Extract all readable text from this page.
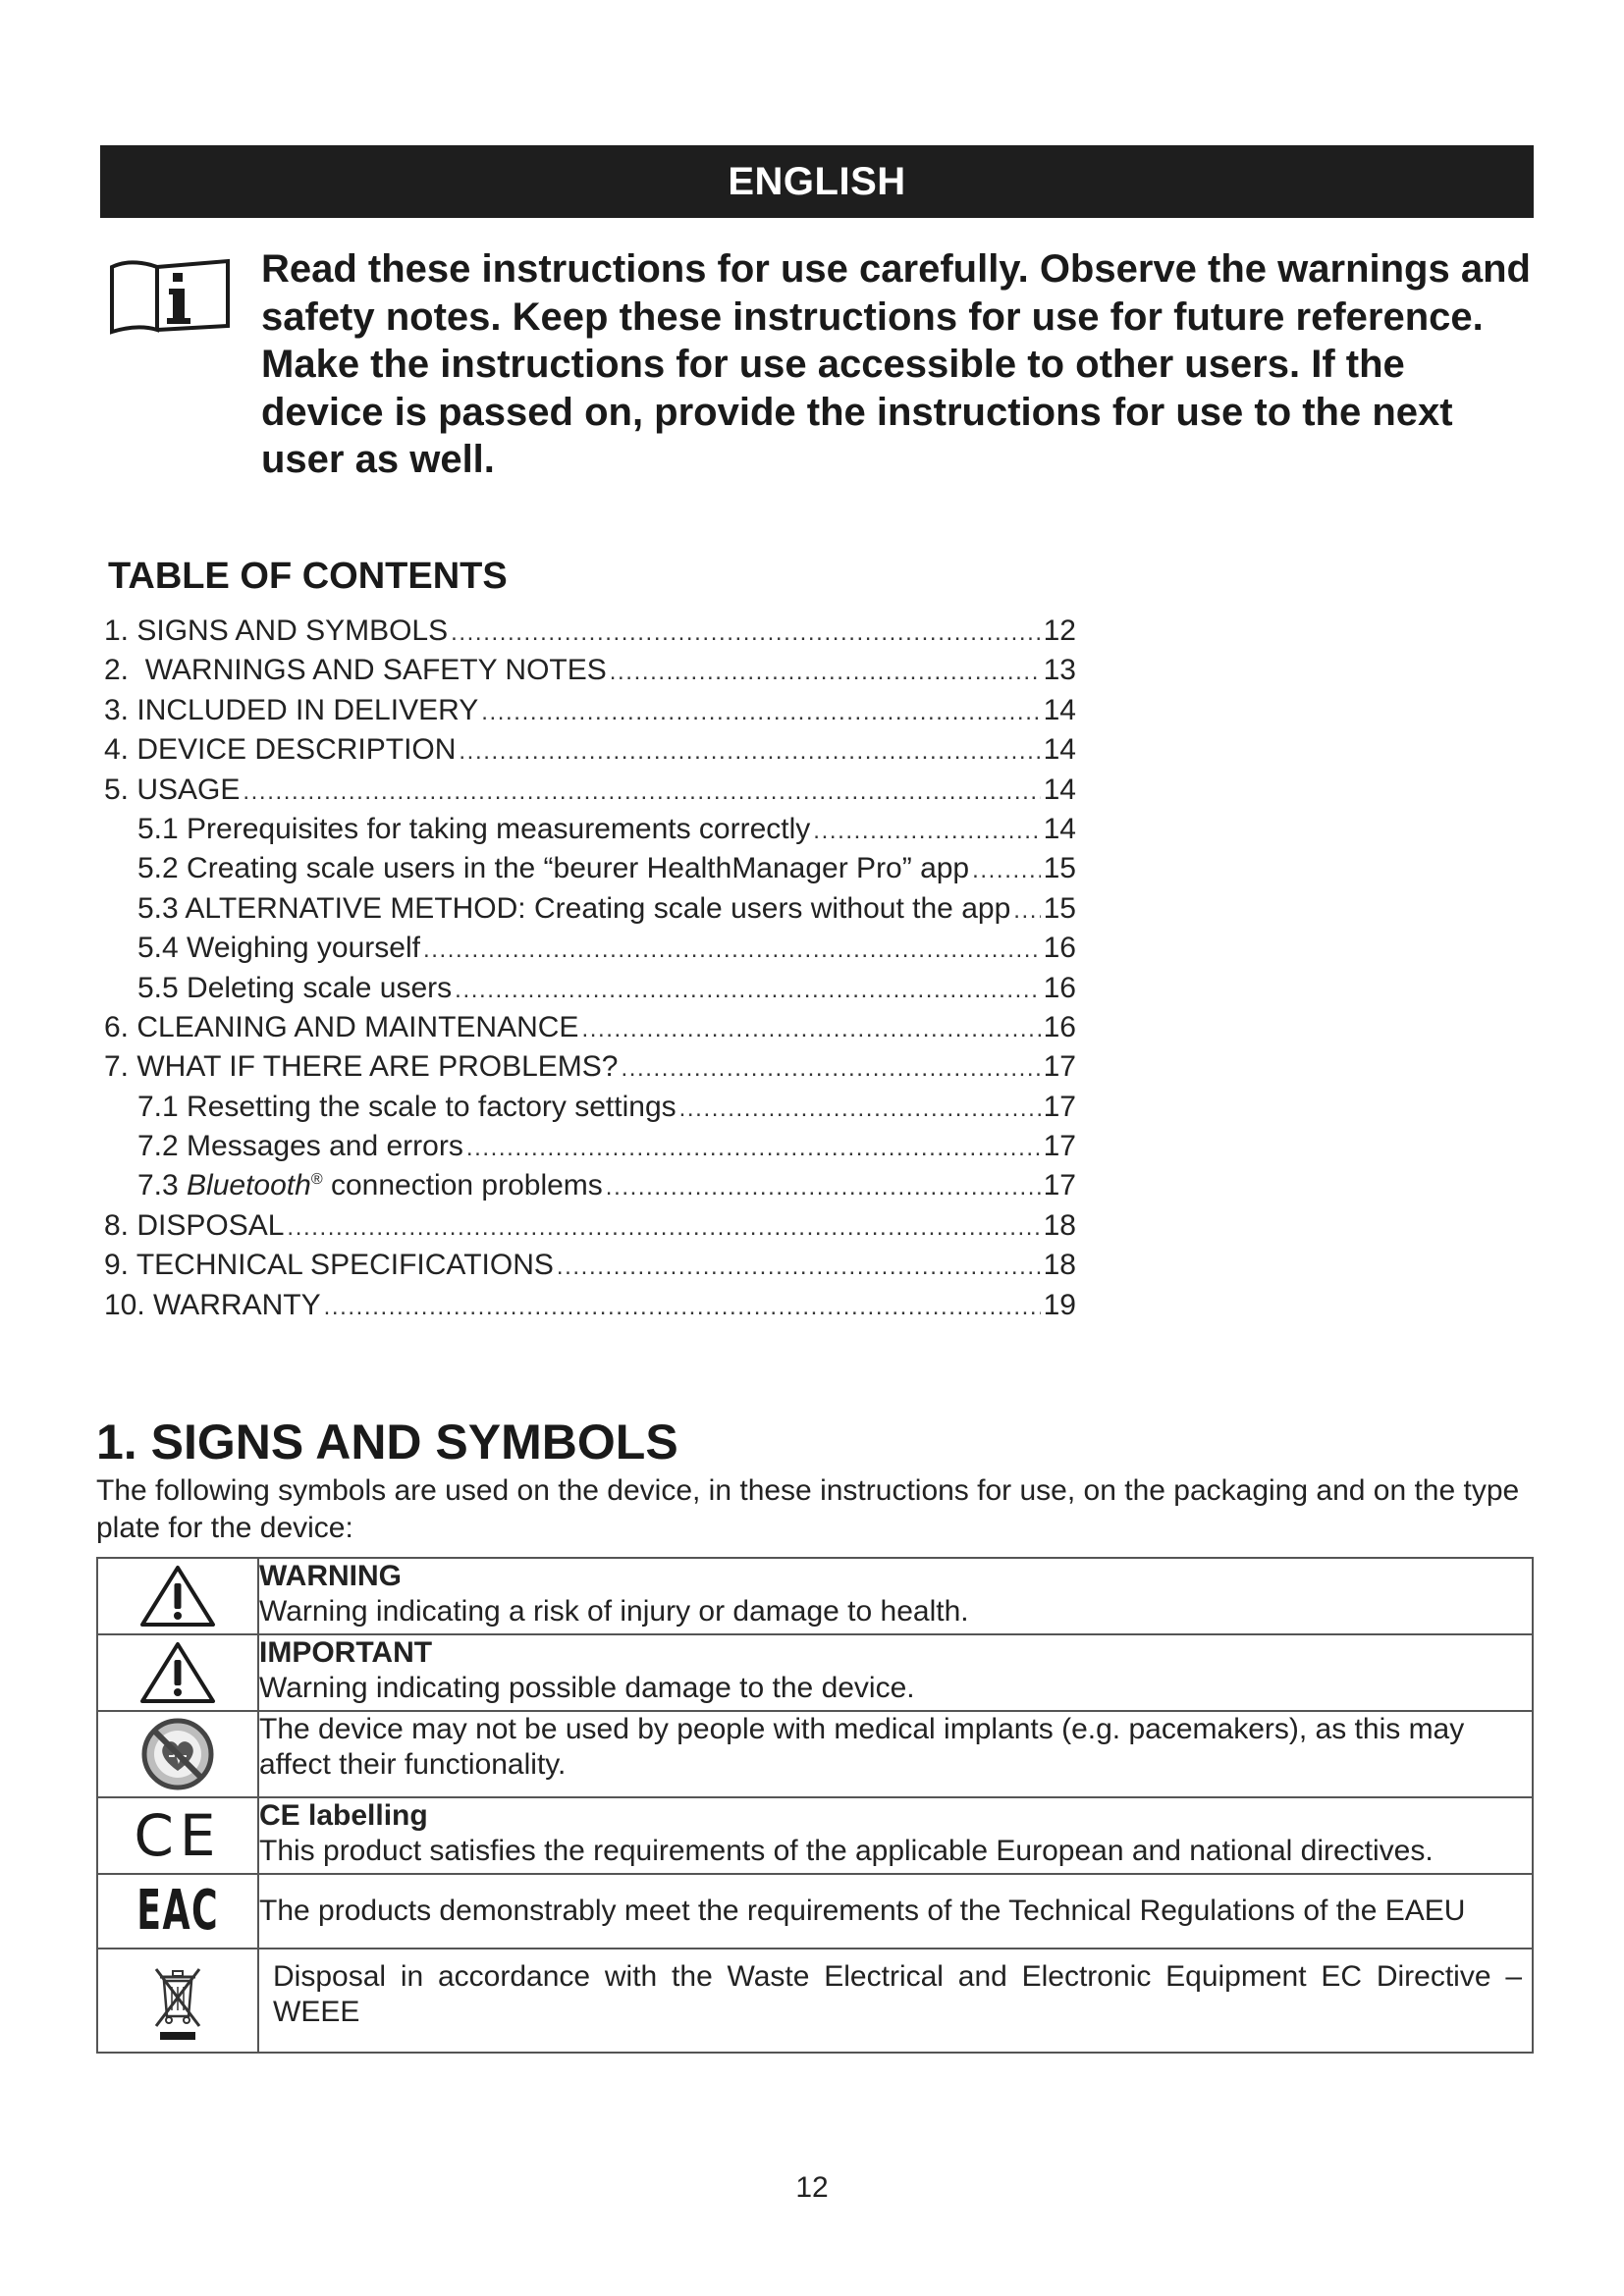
ENGLISH

Read these instructions for use carefully. Observe the warnings and safety notes. Keep these instructions for use for future reference. Make the instructions for use accessible to other users. If the device is passed on, provide the instructions for use to the next user as well.

TABLE OF CONTENTS
1. SIGNS AND SYMBOLS .....	12
2.  WARNINGS AND SAFETY NOTES .....	13
3. INCLUDED IN DELIVERY .....	14
4. DEVICE DESCRIPTION .....	14
5. USAGE .....	14
5.1 Prerequisites for taking measurements correctly .....	14
5.2 Creating scale users in the “beurer HealthManager Pro” app .....	15
5.3 ALTERNATIVE METHOD: Creating scale users without the app ..... 15
5.4 Weighing yourself .....	16
5.5 Deleting scale users .....	16
6. CLEANING AND MAINTENANCE .....	16
7. WHAT IF THERE ARE PROBLEMS? .....	17
7.1 Resetting the scale to factory settings .....	17
7.2 Messages and errors .....	17
7.3 Bluetooth® connection problems .....	17
8. DISPOSAL .....	18
9. TECHNICAL SPECIFICATIONS .....	18
10. WARRANTY .....	19
1. SIGNS AND SYMBOLS

The following symbols are used on the device, in these instructions for use, on the packaging and on the type plate for the device:

WARNING
Warning indicating a risk of injury or damage to health.

IMPORTANT
Warning indicating possible damage to the device.

The device may not be used by people with medical implants (e.g. pacemakers), as this may affect their functionality.

CE	CE labelling
This product satisfies the requirements of the applicable European and national directives.

EAC	The products demonstrably meet the requirements of the Technical Regulations of the EAEU

Disposal in accordance with the Waste Electrical and Electronic Equipment EC Directive – WEEE
12
